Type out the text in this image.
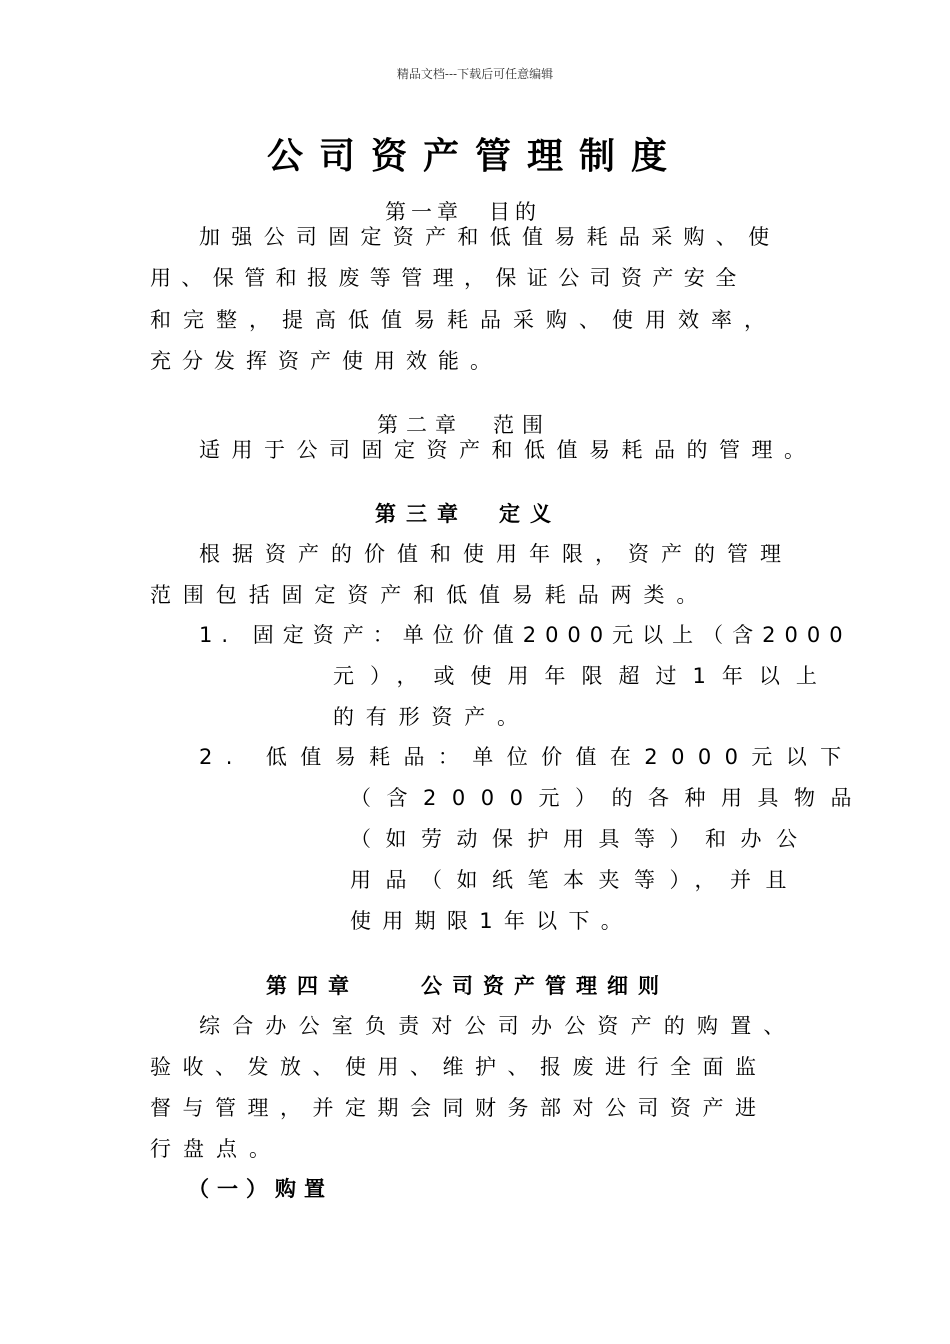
精品文档---下载后可任意编辑
公司资产管理制度
第一章　目的
加强公司固定资产和低值易耗品采购、使
用、保管和报废等管理，保证公司资产安全
和完整，提高低值易耗品采购、使用效率，
充分发挥资产使用效能。
第二章　范围
适用于公司固定资产和低值易耗品的管理。
第三章　定义
根据资产的价值和使用年限，资产的管理
范围包括固定资产和低值易耗品两类。
1. 固定资产：单位价值2000元以上（含2000
元），或使用年限超过1年以上
的有形资产。
2. 低值易耗品：单位价值在2000元以下
（含2000元）的各种用具物品
（如劳动保护用具等）和办公
用品（如纸笔本夹等），并且
使用期限1年以下。
第四章　　公司资产管理细则
综合办公室负责对公司办公资产的购置、
验收、发放、使用、维护、报废进行全面监
督与管理，并定期会同财务部对公司资产进
行盘点。
（一）购置
